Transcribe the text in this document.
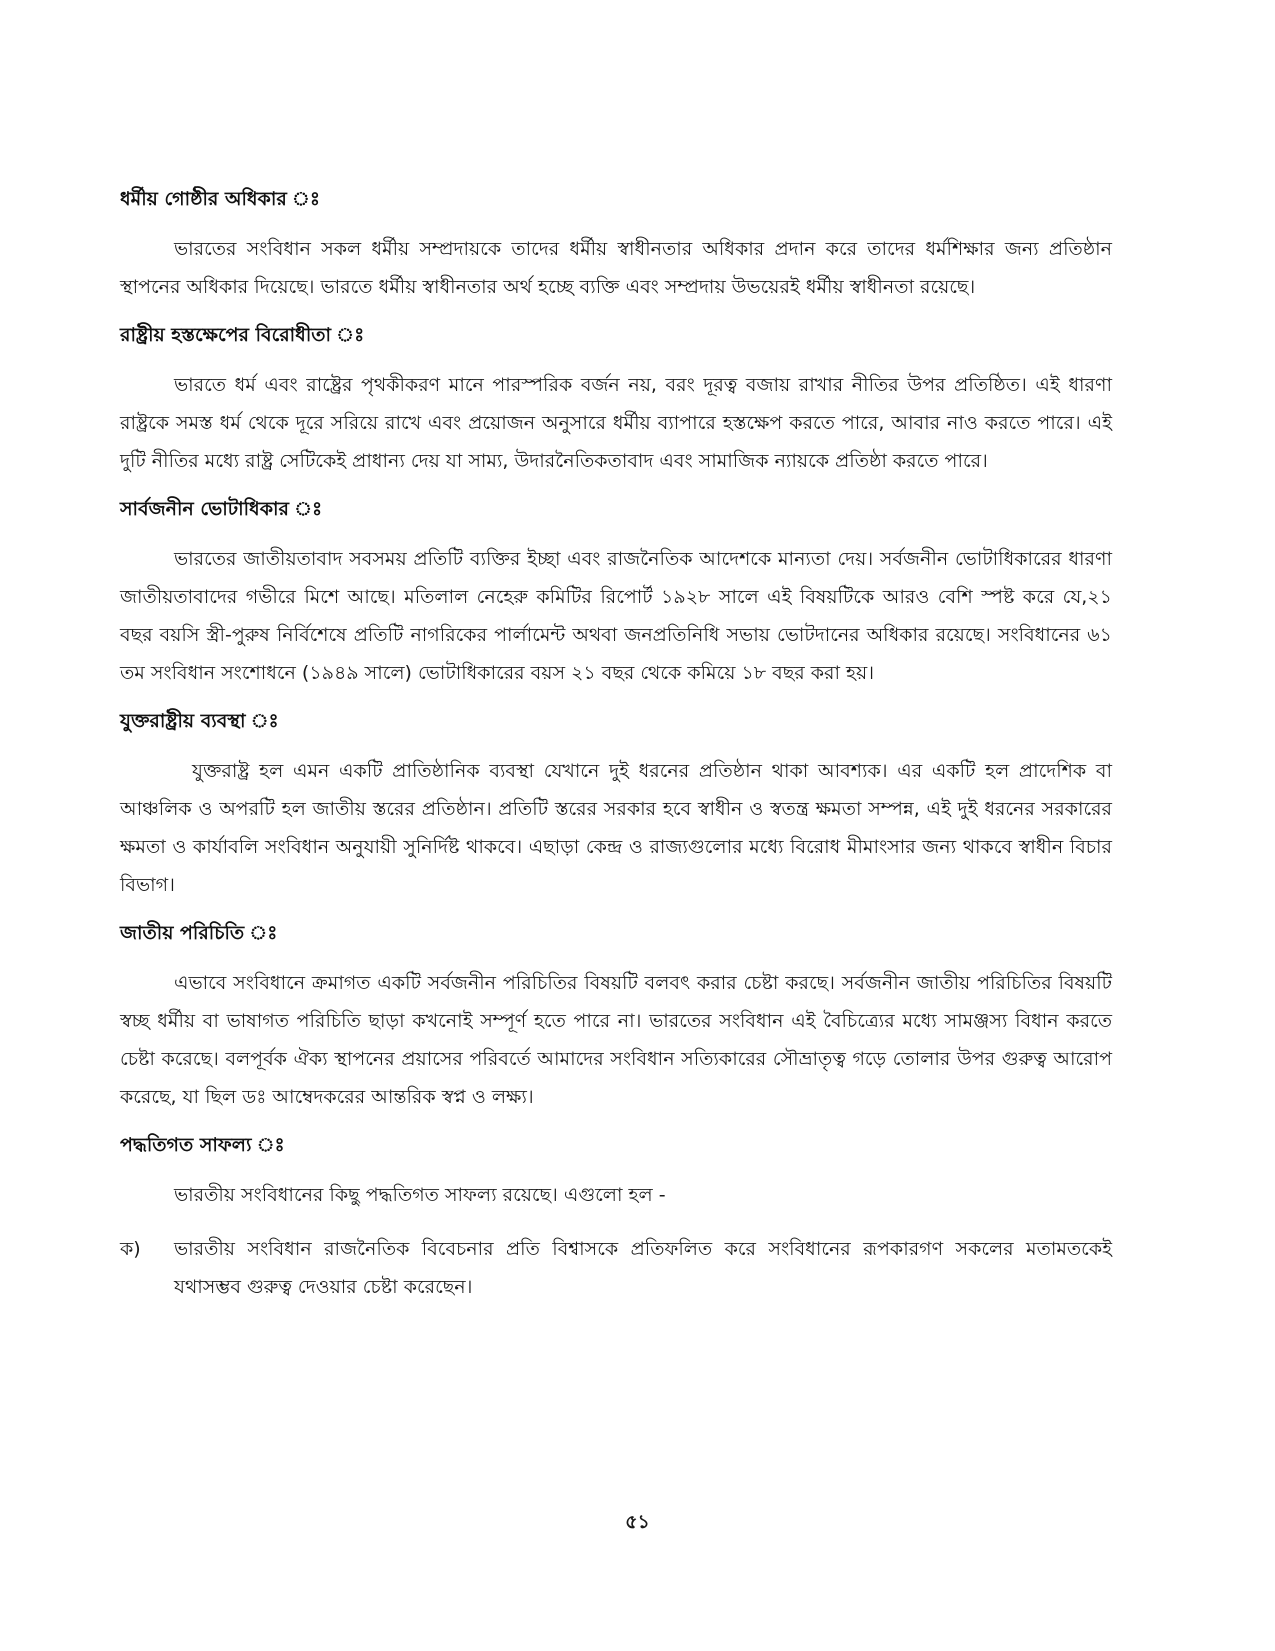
ধর্মীয় গোষ্ঠীর অধিকার ঃ

ভারতের সংবিধান সকল ধর্মীয় সম্প্রদায়কে তাদের ধর্মীয় স্বাধীনতার অধিকার প্রদান করে তাদের ধর্মশিক্ষার জন্য প্রতিষ্ঠান স্থাপনের অধিকার দিয়েছে। ভারতে ধর্মীয় স্বাধীনতার অর্থ হচ্ছে ব্যক্তি এবং সম্প্রদায় উভয়েরই ধর্মীয় স্বাধীনতা রয়েছে।

রাষ্ট্রীয় হস্তক্ষেপের বিরোধীতা ঃ

ভারতে ধর্ম এবং রাষ্ট্রের পৃথকীকরণ মানে পারস্পরিক বর্জন নয়, বরং দূরত্ব বজায় রাখার নীতির উপর প্রতিষ্ঠিত। এই ধারণা রাষ্ট্রকে সমস্ত ধর্ম থেকে দূরে সরিয়ে রাখে এবং প্রয়োজন অনুসারে ধর্মীয় ব্যাপারে হস্তক্ষেপ করতে পারে, আবার নাও করতে পারে। এই দুটি নীতির মধ্যে রাষ্ট্র সেটিকেই প্রাধান্য দেয় যা সাম্য, উদারনৈতিকতাবাদ এবং সামাজিক ন্যায়কে প্রতিষ্ঠা করতে পারে।

সার্বজনীন ভোটাধিকার ঃ

ভারতের জাতীয়তাবাদ সবসময় প্রতিটি ব্যক্তির ইচ্ছা এবং রাজনৈতিক আদেশকে মান্যতা দেয়। সর্বজনীন ভোটাধিকারের ধারণা জাতীয়তাবাদের গভীরে মিশে আছে। মতিলাল নেহেরু কমিটির রিপোর্ট ১৯২৮ সালে এই বিষয়টিকে আরও বেশি স্পষ্ট করে যে,২১ বছর বয়সি স্ত্রী-পুরুষ নির্বিশেষে প্রতিটি নাগরিকের পার্লামেন্ট অথবা জনপ্রতিনিধি সভায় ভোটদানের অধিকার রয়েছে। সংবিধানের ৬১ তম সংবিধান সংশোধনে (১৯৪৯ সালে) ভোটাধিকারের বয়স ২১ বছর থেকে কমিয়ে ১৮ বছর করা হয়।

যুক্তরাষ্ট্রীয় ব্যবস্থা ঃ

যুক্তরাষ্ট্র হল এমন একটি প্রাতিষ্ঠানিক ব্যবস্থা যেখানে দুই ধরনের প্রতিষ্ঠান থাকা আবশ্যক। এর একটি হল প্রাদেশিক বা আঞ্চলিক ও অপরটি হল জাতীয় স্তরের প্রতিষ্ঠান। প্রতিটি স্তরের সরকার হবে স্বাধীন ও স্বতন্ত্র ক্ষমতা সম্পন্ন, এই দুই ধরনের সরকারের ক্ষমতা ও কার্যাবলি সংবিধান অনুযায়ী সুনির্দিষ্ট থাকবে। এছাড়া কেন্দ্র ও রাজ্যগুলোর মধ্যে বিরোধ মীমাংসার জন্য থাকবে স্বাধীন বিচার বিভাগ।

জাতীয় পরিচিতি ঃ

এভাবে সংবিধানে ক্রমাগত একটি সর্বজনীন পরিচিতির বিষয়টি বলবৎ করার চেষ্টা করছে। সর্বজনীন জাতীয় পরিচিতির বিষয়টি স্বচ্ছ ধর্মীয় বা ভাষাগত পরিচিতি ছাড়া কখনোই সম্পূর্ণ হতে পারে না। ভারতের সংবিধান এই বৈচিত্র্যের মধ্যে সামঞ্জস্য বিধান করতে চেষ্টা করেছে। বলপূর্বক ঐক্য স্থাপনের প্রয়াসের পরিবর্তে আমাদের সংবিধান সত্যিকারের সৌভ্রাতৃত্ব গড়ে তোলার উপর গুরুত্ব আরোপ করেছে, যা ছিল ডঃ আম্বেদকরের আন্তরিক স্বপ্ন ও লক্ষ্য।

পদ্ধতিগত সাফল্য ঃ

ভারতীয় সংবিধানের কিছু পদ্ধতিগত সাফল্য রয়েছে। এগুলো হল -

ক)	ভারতীয় সংবিধান রাজনৈতিক বিবেচনার প্রতি বিশ্বাসকে প্রতিফলিত করে সংবিধানের রূপকারগণ সকলের মতামতকেই যথাসম্ভব গুরুত্ব দেওয়ার চেষ্টা করেছেন।
৫১
